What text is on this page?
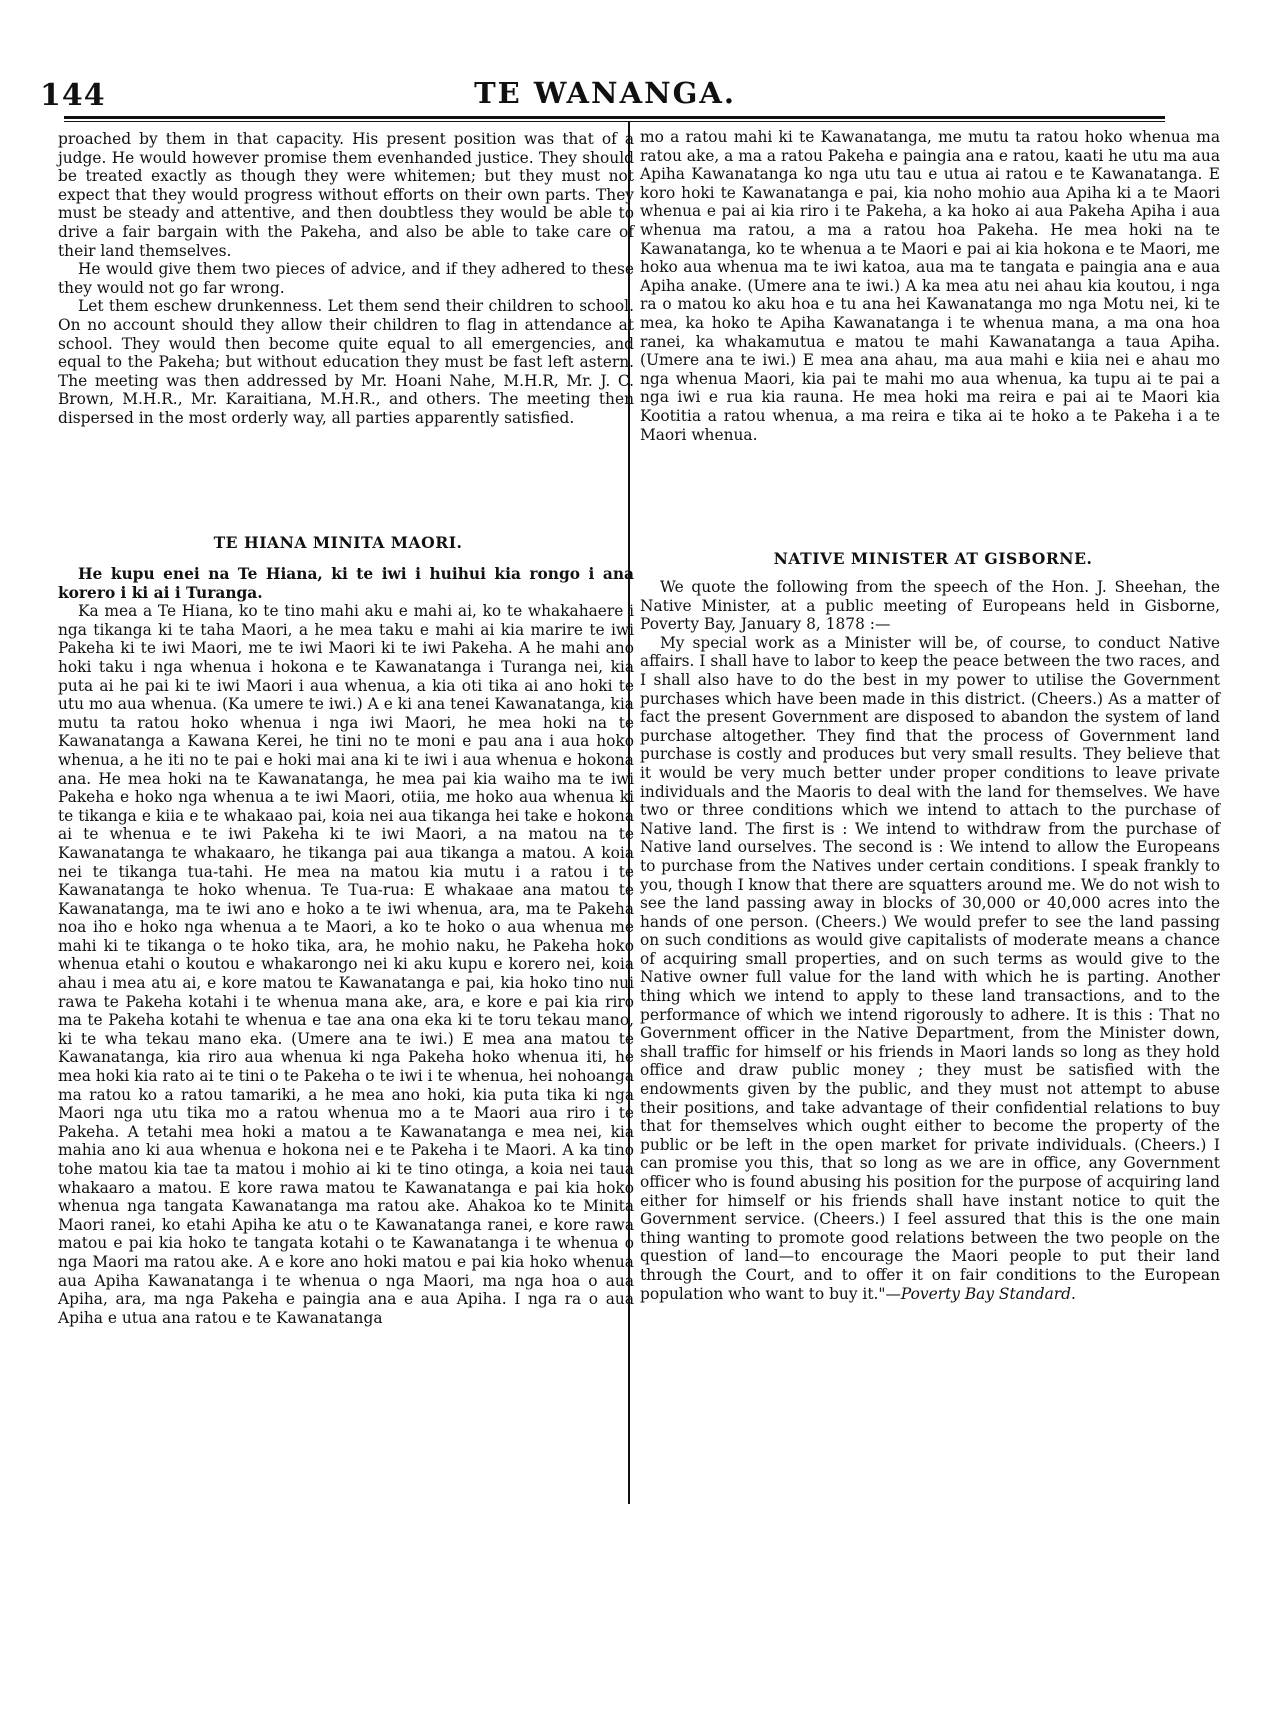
144	TE WANANGA.

proached by them in that capacity. His present position was that of a judge. He would however promise them evenhanded justice. They should be treated exactly as though they were whitemen; but they must not expect that they would progress without efforts on their own parts. They must be steady and attentive, and then doubtless they would be able to drive a fair bargain with the Pakeha, and also be able to take care of their land themselves.

He would give them two pieces of advice, and if they adhered to these they would not go far wrong.

Let them eschew drunkenness. Let them send their children to school. On no account should they allow their children to flag in attendance at school. They would then become quite equal to all emergencies, and equal to the Pakeha; but without education they must be fast left astern. The meeting was then addressed by Mr. Hoani Nahe, M.H.R, Mr. J. C. Brown, M.H.R., Mr. Karaitiana, M.H.R., and others. The meeting then dispersed in the most orderly way, all parties apparently satisfied.

TE HIANA MINITA MAORI.

He kupu enei na Te Hiana, ki te iwi i huihui kia rongo i ana korero i ki ai i Turanga.

Ka mea a Te Hiana, ko te tino mahi aku e mahi ai, ko te whakahaere i nga tikanga ki te taha Maori, a he mea taku e mahi ai kia marire te iwi Pakeha ki te iwi Maori, me te iwi Maori ki te iwi Pakeha. A he mahi ano hoki taku i nga whenua i hokona e te Kawanatanga i Turanga nei, kia puta ai he pai ki te iwi Maori i aua whenua, a kia oti tika ai ano hoki te utu mo aua whenua. (Ka umere te iwi.) A e ki ana tenei Kawanatanga, kia mutu ta ratou hoko whenua i nga iwi Maori, he mea hoki na te Kawanatanga a Kawana Kerei, he tini no te moni e pau ana i aua hoko whenua, a he iti no te pai e hoki mai ana ki te iwi i aua whenua e hokona ana. He mea hoki na te Kawanatanga, he mea pai kia waiho ma te iwi Pakeha e hoko nga whenua a te iwi Maori, otiia, me hoko aua whenua ki te tikanga e kiia e te whakaao pai, koia nei aua tikanga hei take e hokona ai te whenua e te iwi Pakeha ki te iwi Maori, a na matou na te Kawanatanga te whakaaro, he tikanga pai aua tikanga a matou. A koia nei te tikanga tua-tahi. He mea na matou kia mutu i a ratou i te Kawanatanga te hoko whenua. Te Tua-rua: E whakaae ana matou te Kawanatanga, ma te iwi ano e hoko a te iwi whenua, ara, ma te Pakeha noa iho e hoko nga whenua a te Maori, a ko te hoko o aua whenua me mahi ki te tikanga o te hoko tika, ara, he mohio naku, he Pakeha hoko whenua etahi o koutou e whakarongo nei ki aku kupu e korero nei, koia ahau i mea atu ai, e kore matou te Kawanatanga e pai, kia hoko tino nui rawa te Pakeha kotahi i te whenua mana ake, ara, e kore e pai kia riro ma te Pakeha kotahi te whenua e tae ana ona eka ki te toru tekau mano, ki te wha tekau mano eka. (Umere ana te iwi.) E mea ana matou te Kawanatanga, kia riro aua whenua ki nga Pakeha hoko whenua iti, he mea hoki kia rato ai te tini o te Pakeha o te iwi i te whenua, hei nohoanga ma ratou ko a ratou tamariki, a he mea ano hoki, kia puta tika ki nga Maori nga utu tika mo a ratou whenua mo a te Maori aua riro i te Pakeha. A tetahi mea hoki a matou a te Kawanatanga e mea nei, kia mahia ano ki aua whenua e hokona nei e te Pakeha i te Maori. A ka tino tohe matou kia tae ta matou i mohio ai ki te tino otinga, a koia nei taua whakaaro a matou. E kore rawa matou te Kawanatanga e pai kia hoko whenua nga tangata Kawanatanga ma ratou ake. Ahakoa ko te Minita Maori ranei, ko etahi Apiha ke atu o te Kawanatanga ranei, e kore rawa matou e pai kia hoko te tangata kotahi o te Kawanatanga i te whenua o nga Maori ma ratou ake. A e kore ano hoki matou e pai kia hoko whenua aua Apiha Kawanatanga i te whenua o nga Maori, ma nga hoa o aua Apiha, ara, ma nga Pakeha e paingia ana e aua Apiha. I nga ra o aua Apiha e utua ana ratou e te Kawanatanga

mo a ratou mahi ki te Kawanatanga, me mutu ta ratou hoko whenua ma ratou ake, a ma a ratou Pakeha e paingia ana e ratou, kaati he utu ma aua Apiha Kawanatanga ko nga utu tau e utua ai ratou e te Kawanatanga. E koro hoki te Kawanatanga e pai, kia noho mohio aua Apiha ki a te Maori whenua e pai ai kia riro i te Pakeha, a ka hoko ai aua Pakeha Apiha i aua whenua ma ratou, a ma a ratou hoa Pakeha. He mea hoki na te Kawanatanga, ko te whenua a te Maori e pai ai kia hokona e te Maori, me hoko aua whenua ma te iwi katoa, aua ma te tangata e paingia ana e aua Apiha anake. (Umere ana te iwi.) A ka mea atu nei ahau kia koutou, i nga ra o matou ko aku hoa e tu ana hei Kawanatanga mo nga Motu nei, ki te mea, ka hoko te Apiha Kawanatanga i te whenua mana, a ma ona hoa ranei, ka whakamutua e matou te mahi Kawanatanga a taua Apiha. (Umere ana te iwi.) E mea ana ahau, ma aua mahi e kiia nei e ahau mo nga whenua Maori, kia pai te mahi mo aua whenua, ka tupu ai te pai a nga iwi e rua kia rauna. He mea hoki ma reira e pai ai te Maori kia Kootitia a ratou whenua, a ma reira e tika ai te hoko a te Pakeha i a te Maori whenua.

NATIVE MINISTER AT GISBORNE.

We quote the following from the speech of the Hon. J. Sheehan, the Native Minister, at a public meeting of Europeans held in Gisborne, Poverty Bay, January 8, 1878 :—

My special work as a Minister will be, of course, to conduct Native affairs. I shall have to labor to keep the peace between the two races, and I shall also have to do the best in my power to utilise the Government purchases which have been made in this district. (Cheers.) As a matter of fact the present Government are disposed to abandon the system of land purchase altogether. They find that the process of Government land purchase is costly and produces but very small results. They believe that it would be very much better under proper conditions to leave private individuals and the Maoris to deal with the land for themselves. We have two or three conditions which we intend to attach to the purchase of Native land. The first is : We intend to withdraw from the purchase of Native land ourselves. The second is : We intend to allow the Europeans to purchase from the Natives under certain conditions. I speak frankly to you, though I know that there are squatters around me. We do not wish to see the land passing away in blocks of 30,000 or 40,000 acres into the hands of one person. (Cheers.) We would prefer to see the land passing on such conditions as would give capitalists of moderate means a chance of acquiring small properties, and on such terms as would give to the Native owner full value for the land with which he is parting. Another thing which we intend to apply to these land transactions, and to the performance of which we intend rigorously to adhere. It is this : That no Government officer in the Native Department, from the Minister down, shall traffic for himself or his friends in Maori lands so long as they hold office and draw public money ; they must be satisfied with the endowments given by the public, and they must not attempt to abuse their positions, and take advantage of their confidential relations to buy that for themselves which ought either to become the property of the public or be left in the open market for private individuals. (Cheers.) I can promise you this, that so long as we are in office, any Government officer who is found abusing his position for the purpose of acquiring land either for himself or his friends shall have instant notice to quit the Government service. (Cheers.) I feel assured that this is the one main thing wanting to promote good relations between the two people on the question of land—to encourage the Maori people to put their land through the Court, and to offer it on fair conditions to the European population who want to buy it."—Poverty Bay Standard.
